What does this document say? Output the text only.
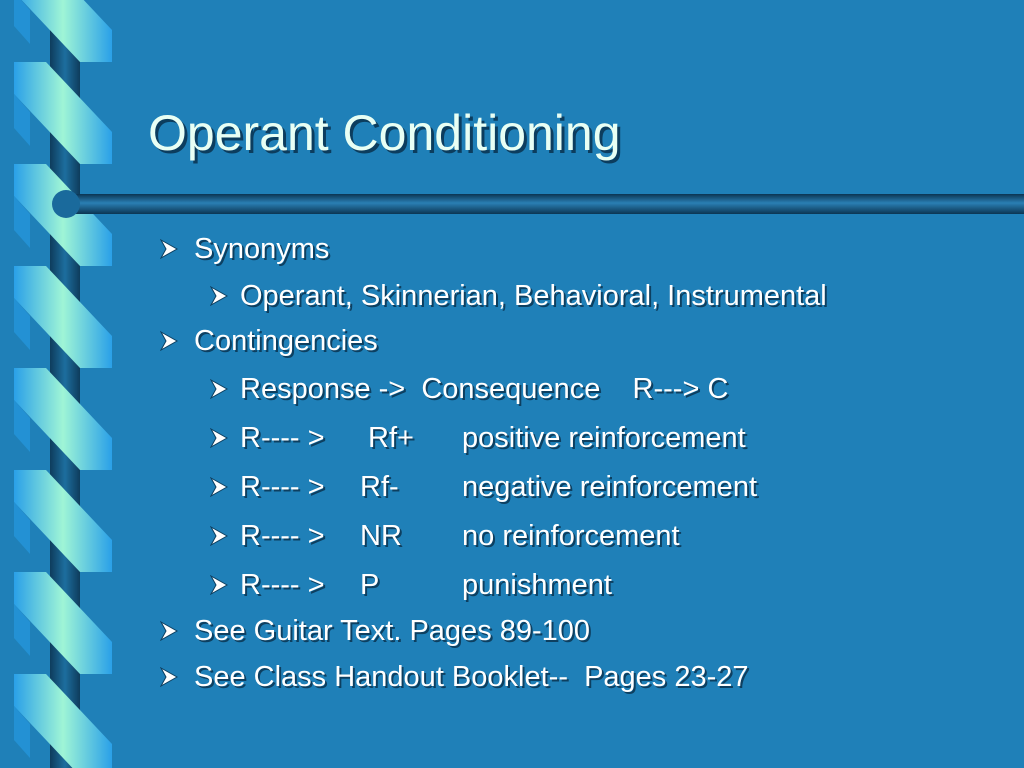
Operant Conditioning
Synonyms
Operant, Skinnerian, Behavioral, Instrumental
Contingencies
Response ->  Consequence    R---> C
R---- > Rf+ positive reinforcement
R---- > Rf- negative reinforcement
R---- > NR no reinforcement
R---- > P	punishment
See Guitar Text. Pages 89-100
See Class Handout Booklet--  Pages 23-27
